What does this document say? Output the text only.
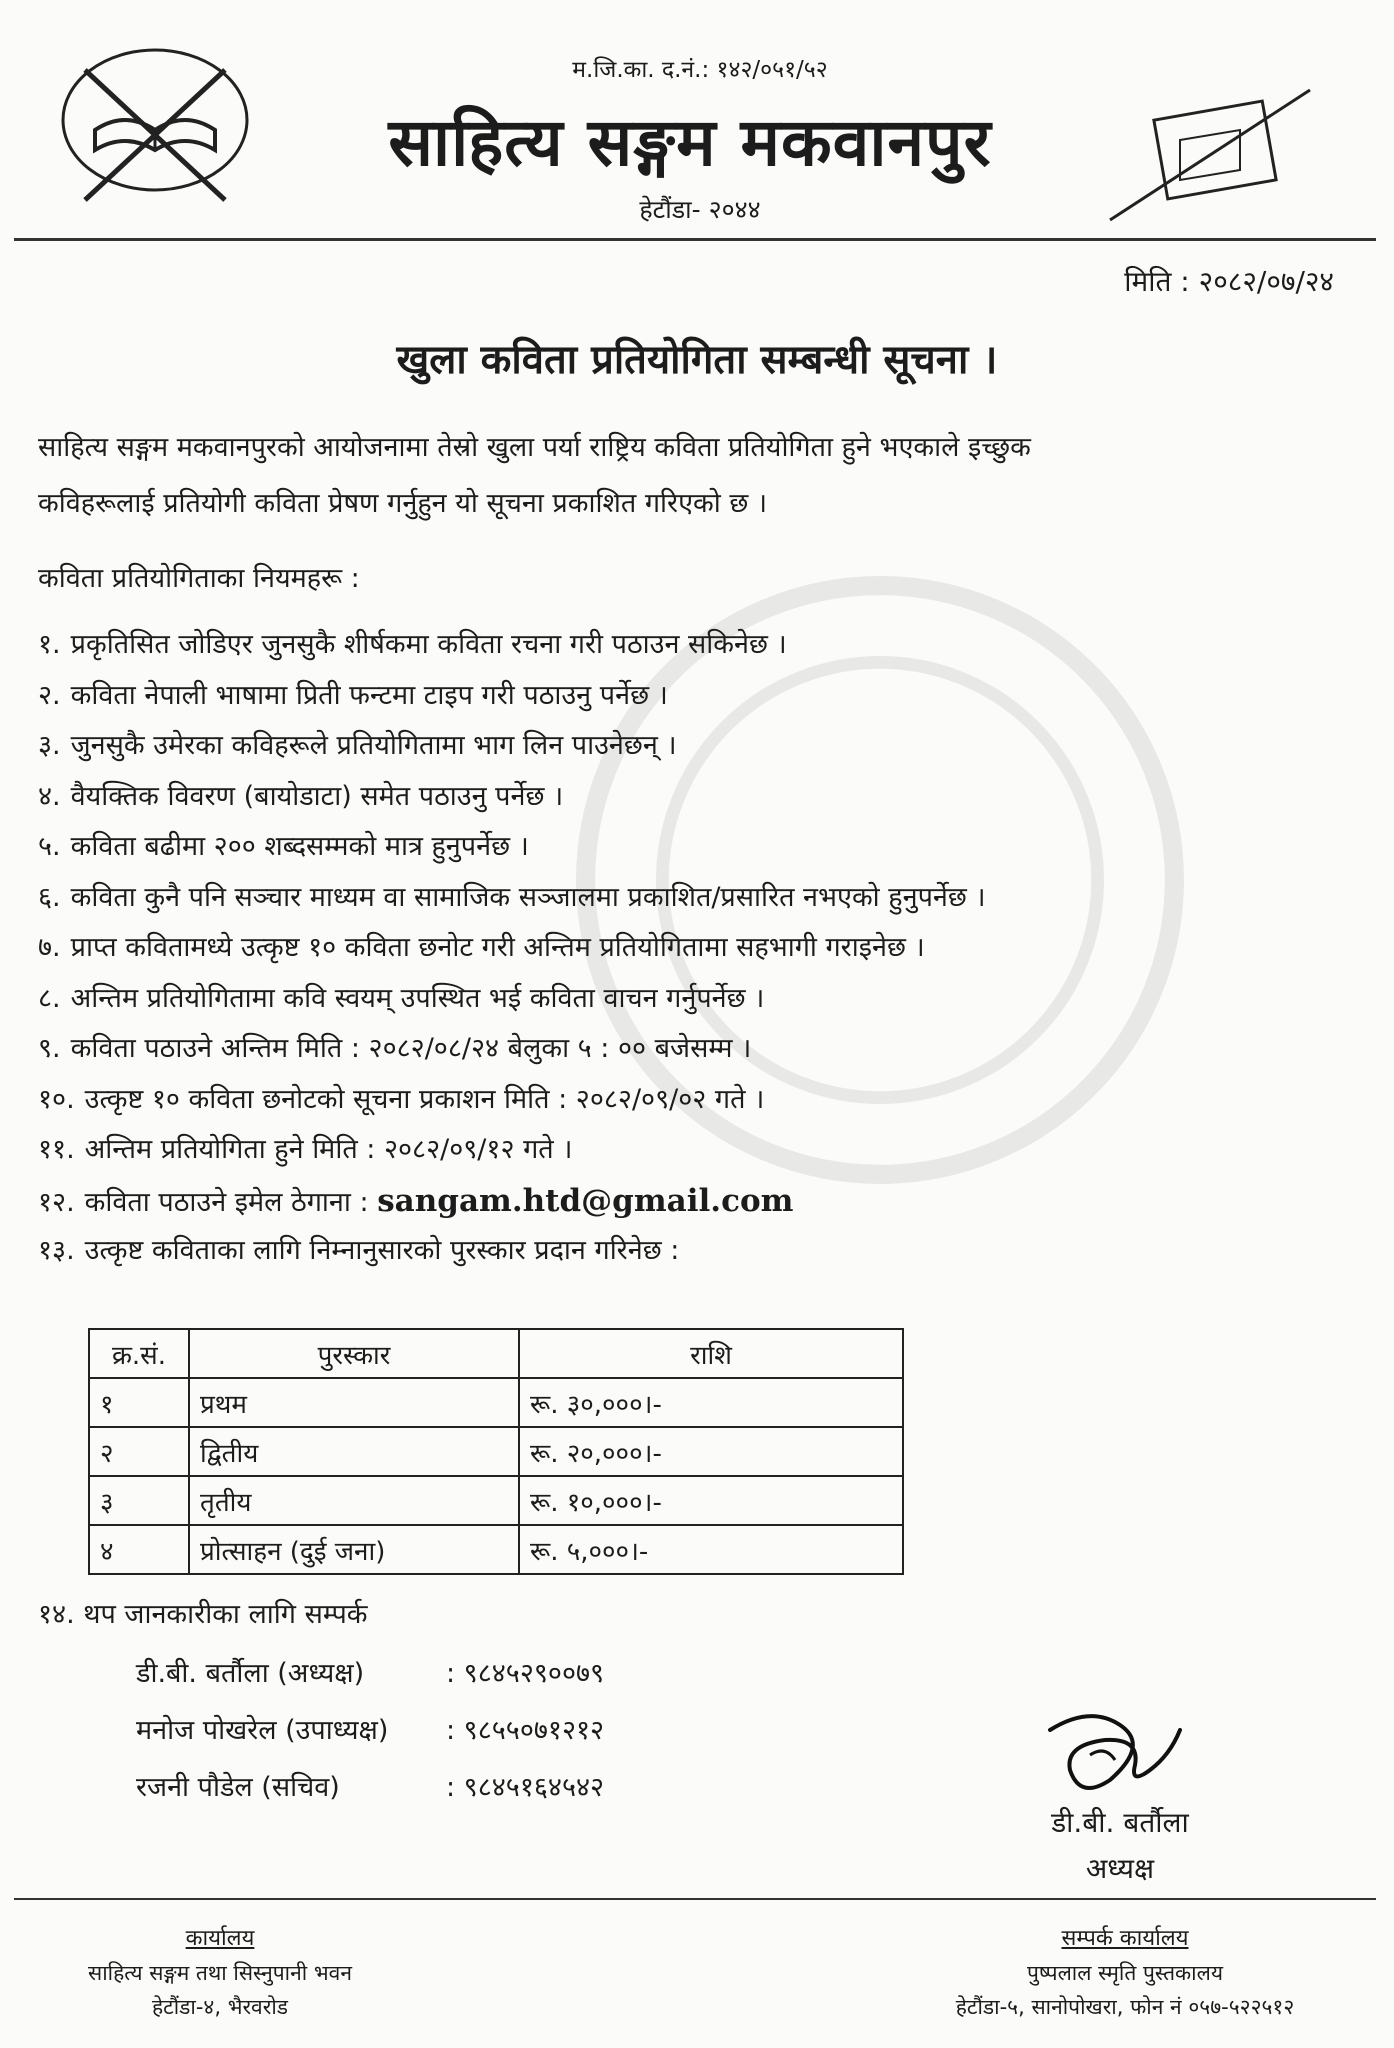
म.जि.का. द.नं.: १४२/०५१/५२
साहित्य सङ्गम मकवानपुर
हेटौंडा- २०४४
मिति : २०८२/०७/२४
खुला कविता प्रतियोगिता सम्बन्धी सूचना ।
साहित्य सङ्गम मकवानपुरको आयोजनामा तेस्रो खुला पर्या राष्ट्रिय कविता प्रतियोगिता हुने भएकाले इच्छुक
कविहरूलाई प्रतियोगी कविता प्रेषण गर्नुहुन यो सूचना प्रकाशित गरिएको छ ।
कविता प्रतियोगिताका नियमहरू :
१. प्रकृतिसित जोडिएर जुनसुकै शीर्षकमा कविता रचना गरी पठाउन सकिनेछ ।
२. कविता नेपाली भाषामा प्रिती फन्टमा टाइप गरी पठाउनु पर्नेछ ।
३. जुनसुकै उमेरका कविहरूले प्रतियोगितामा भाग लिन पाउनेछन् ।
४. वैयक्तिक विवरण (बायोडाटा) समेत पठाउनु पर्नेछ ।
५. कविता बढीमा २०० शब्दसम्मको मात्र हुनुपर्नेछ ।
६. कविता कुनै पनि सञ्चार माध्यम वा सामाजिक सञ्जालमा प्रकाशित/प्रसारित नभएको हुनुपर्नेछ ।
७. प्राप्त कवितामध्ये उत्कृष्ट १० कविता छनोट गरी अन्तिम प्रतियोगितामा सहभागी गराइनेछ ।
८. अन्तिम प्रतियोगितामा कवि स्वयम् उपस्थित भई कविता वाचन गर्नुपर्नेछ ।
९. कविता पठाउने अन्तिम मिति : २०८२/०८/२४ बेलुका ५ : ०० बजेसम्म ।
१०. उत्कृष्ट १० कविता छनोटको सूचना प्रकाशन मिति : २०८२/०९/०२ गते ।
११. अन्तिम प्रतियोगिता हुने मिति : २०८२/०९/१२ गते ।
१२. कविता पठाउने इमेल ठेगाना : sangam.htd@gmail.com
१३. उत्कृष्ट कविताका लागि निम्नानुसारको पुरस्कार प्रदान गरिनेछ :
क्र.सं.	पुरस्कार	राशि
१	प्रथम	रू. ३०,०००।-
२	द्वितीय	रू. २०,०००।-
३	तृतीय	रू. १०,०००।-
४	प्रोत्साहन (दुई जना)	रू. ५,०००।-
१४. थप जानकारीका लागि सम्पर्क
डी.बी. बर्तौला (अध्यक्ष)	: ९८४५२९००७९
मनोज पोखरेल (उपाध्यक्ष) : ९८५५०७१२१२
रजनी पौडेल (सचिव)	: ९८४५१६४५४२
डी.बी. बर्तौला
अध्यक्ष
कार्यालय
साहित्य सङ्गम तथा सिस्नुपानी भवन
हेटौंडा-४, भैरवरोड
सम्पर्क कार्यालय
पुष्पलाल स्मृति पुस्तकालय
हेटौंडा-५, सानोपोखरा, फोन नं ०५७-५२२५१२
